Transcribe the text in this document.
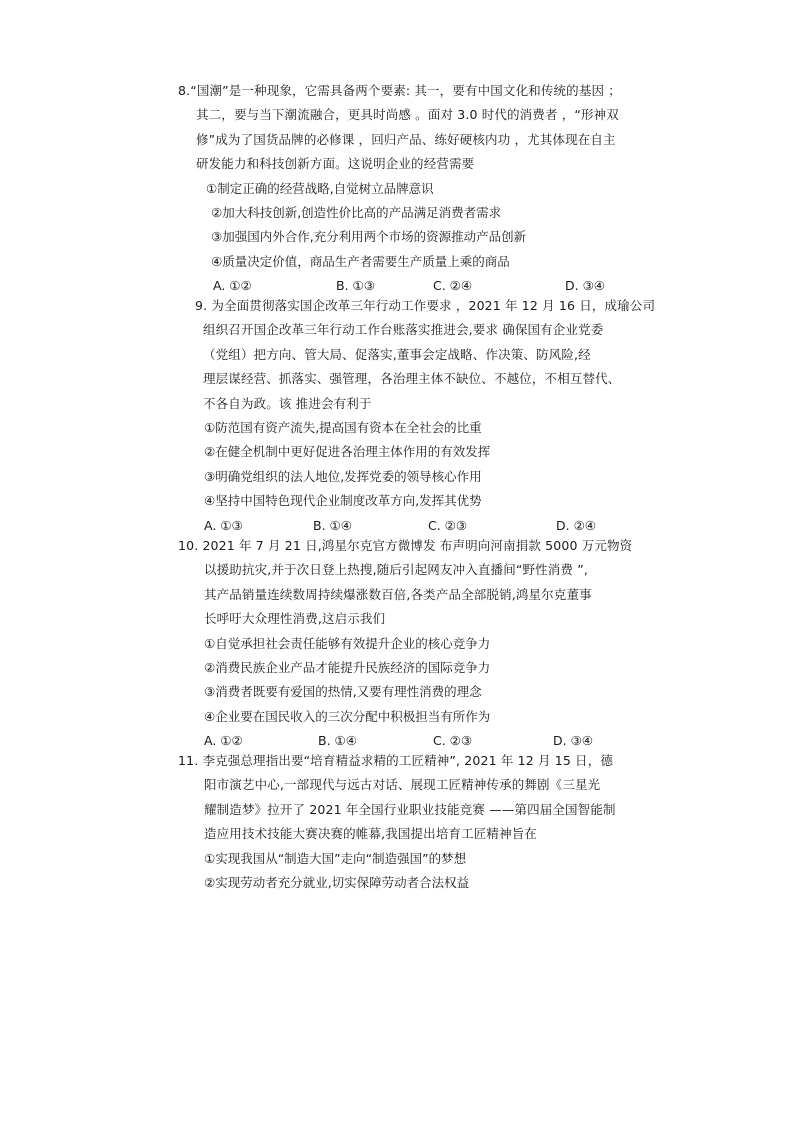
8.“国潮”是一种现象，它需具备两个要素: 其一，要有中国文化和传统的基因 ；
其二，要与当下潮流融合，更具时尚感 。面对 3.0 时代的消费者 ，“形神双
修”成为了国货品牌的必修课 ，回归产品、练好硬核内功 ，尤其体现在自主
研发能力和科技创新方面。这说明企业的经营需要
①制定正确的经营战略,自觉树立品牌意识
②加大科技创新,创造性价比高的产品满足消费者需求
③加强国内外合作,充分利用两个市场的资源推动产品创新
④质量决定价值，商品生产者需要生产质量上乘的商品
A. ①②	B. ①③	C. ②④	D. ③④
9. 为全面贯彻落实国企改革三年行动工作要求 ，2021 年 12 月 16 日，成瑜公司
组织召开国企改革三年行动工作台账落实推进会,要求 确保国有企业党委
（党组）把方向、管大局、促落实,董事会定战略、作决策、防风险,经
理层谋经营、抓落实、强管理，各治理主体不缺位、不越位，不相互替代、
不各自为政。该 推进会有利于
①防范国有资产流失,提高国有资本在全社会的比重
②在健全机制中更好促进各治理主体作用的有效发挥
③明确党组织的法人地位,发挥党委的领导核心作用
④坚持中国特色现代企业制度改革方向,发挥其优势
A. ①③	B. ①④	C. ②③	D. ②④
10. 2021 年 7 月 21 日,鸿星尔克官方微博发 布声明向河南捐款 5000 万元物资
以援助抗灾,并于次日登上热搜,随后引起网友冲入直播间“野性消费 ”,
其产品销量连续数周持续爆涨数百倍,各类产品全部脱销,鸿星尔克董事
长呼吁大众理性消费,这启示我们
①自觉承担社会责任能够有效提升企业的核心竞争力
②消费民族企业产品才能提升民族经济的国际竞争力
③消费者既要有爱国的热情,又要有理性消费的理念
④企业要在国民收入的三次分配中积极担当有所作为
A. ①②	B. ①④	C. ②③	D. ③④
11. 李克强总理指出要“培育精益求精的工匠精神”, 2021 年 12 月 15 日，德
阳市演艺中心,一部现代与远古对话、展现工匠精神传承的舞剧《三星光
耀制造梦》拉开了 2021 年全国行业职业技能竞赛 ——第四届全国智能制
造应用技术技能大赛决赛的帷幕,我国提出培育工匠精神旨在
①实现我国从“制造大国”走向“制造强国”的梦想
②实现劳动者充分就业,切实保障劳动者合法权益
